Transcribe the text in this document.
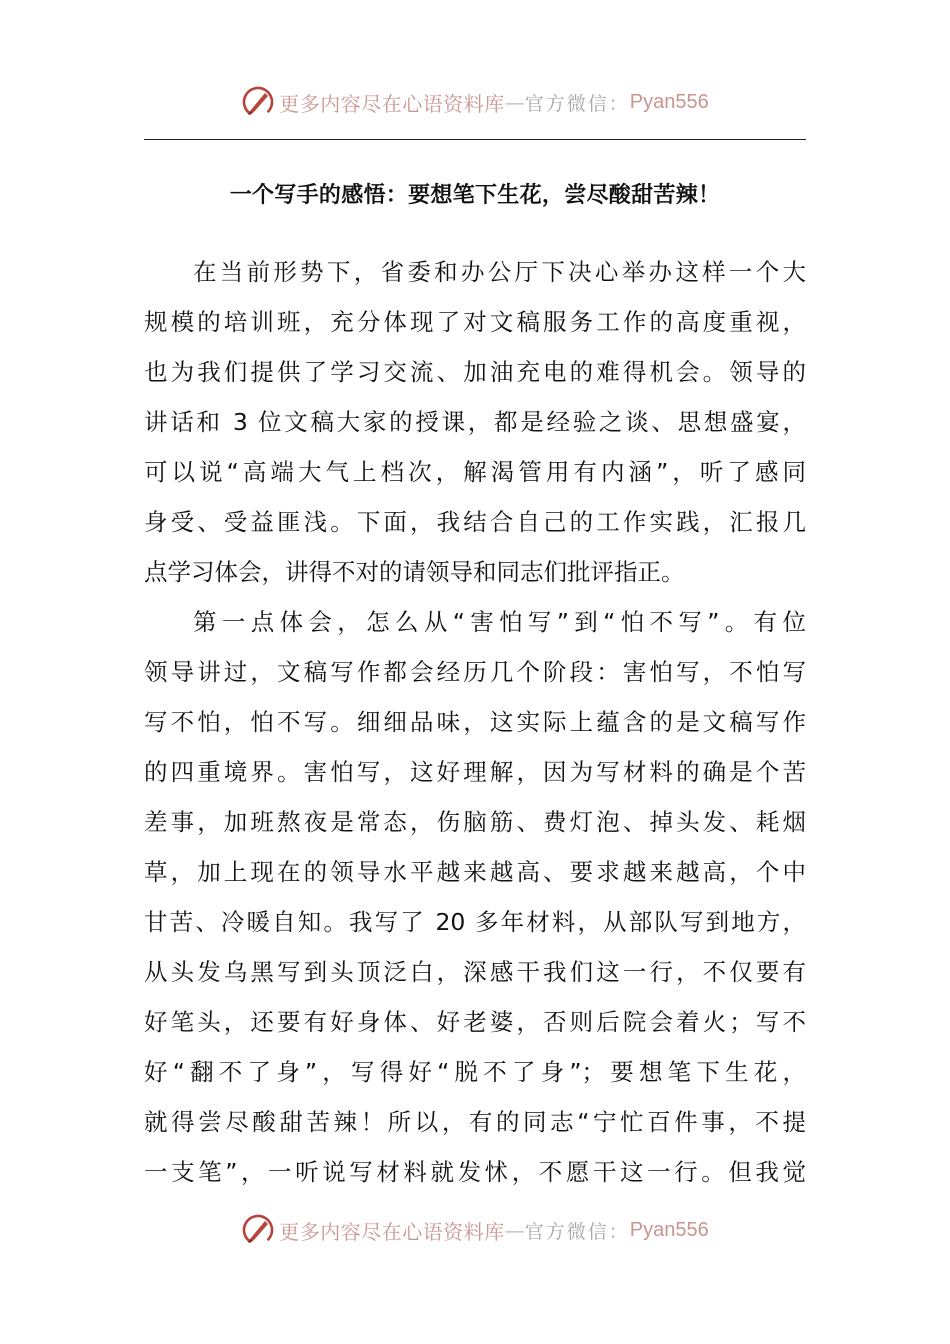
更多内容尽在心语资料库 — 官方微信： Pyan556
一个写手的感悟：要想笔下生花，尝尽酸甜苦辣！
在当前形势下，省委和办公厅下决心举办这样一个大
规模的培训班，充分体现了对文稿服务工作的高度重视，
也为我们提供了学习交流、加油充电的难得机会。领导的
讲话和 3 位文稿大家的授课，都是经验之谈、思想盛宴，
可以说“高端大气上档次，解渴管用有内涵”，听了感同
身受、受益匪浅。下面，我结合自己的工作实践，汇报几
点学习体会，讲得不对的请领导和同志们批评指正。
第一点体会，怎么从“害怕写”到“怕不写”。有位
领导讲过，文稿写作都会经历几个阶段：害怕写，不怕写
写不怕，怕不写。细细品味，这实际上蕴含的是文稿写作
的四重境界。害怕写，这好理解，因为写材料的确是个苦
差事，加班熬夜是常态，伤脑筋、费灯泡、掉头发、耗烟
草，加上现在的领导水平越来越高、要求越来越高，个中
甘苦、冷暖自知。我写了 20 多年材料，从部队写到地方，
从头发乌黑写到头顶泛白，深感干我们这一行，不仅要有
好笔头，还要有好身体、好老婆，否则后院会着火；写不
好“翻不了身”，写得好“脱不了身”；要想笔下生花，
就得尝尽酸甜苦辣！所以，有的同志“宁忙百件事，不提
一支笔”，一听说写材料就发怵，不愿干这一行。但我觉
更多内容尽在心语资料库 — 官方微信： Pyan556
